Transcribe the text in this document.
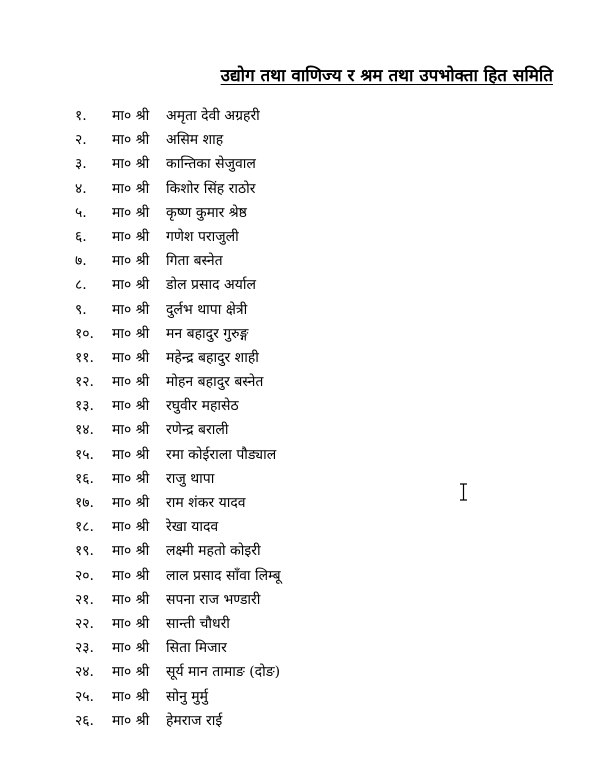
उद्योग तथा वाणिज्य र श्रम तथा उपभोक्ता हित समिति
१. मा० श्री अमृता देवी अग्रहरी
२. मा० श्री असिम शाह
३. मा० श्री कान्तिका सेजुवाल
४. मा० श्री किशोर सिंह राठोर
५. मा० श्री कृष्ण कुमार श्रेष्ठ
६. मा० श्री गणेश पराजुली
७. मा० श्री गिता बस्नेत
८. मा० श्री डोल प्रसाद अर्याल
९. मा० श्री दुर्लभ थापा क्षेत्री
१०. मा० श्री मन बहादुर गुरुङ्ग
११. मा० श्री महेन्द्र बहादुर शाही
१२. मा० श्री मोहन बहादुर बस्नेत
१३. मा० श्री रघुवीर महासेठ
१४. मा० श्री रणेन्द्र बराली
१५. मा० श्री रमा कोईराला पौड्याल
१६. मा० श्री राजु थापा
१७. मा० श्री राम शंकर यादव
१८. मा० श्री रेखा यादव
१९. मा० श्री लक्ष्मी महतो कोइरी
२०. मा० श्री लाल प्रसाद साँवा लिम्बू
२१. मा० श्री सपना राज भण्डारी
२२. मा० श्री सान्ती चौधरी
२३. मा० श्री सिता मिजार
२४. मा० श्री सूर्य मान तामाङ (दोङ)
२५. मा० श्री सोनु मुर्मु
२६. मा० श्री हेमराज राई
